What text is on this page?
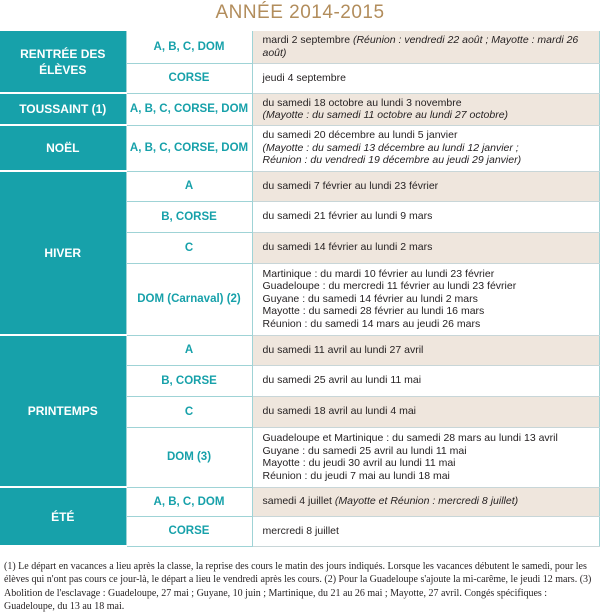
ANNÉE 2014-2015
RENTRÉE DES ÉLÈVES	A, B, C, DOM	mardi 2 septembre (Réunion : vendredi 22 août ; Mayotte : mardi 26 août)
	CORSE	jeudi 4 septembre
TOUSSAINT (1)	A, B, C, CORSE, DOM	du samedi 18 octobre au lundi 3 novembre
(Mayotte : du samedi 11 octobre au lundi 27 octobre)

NOËL	A, B, C, CORSE, DOM	du samedi 20 décembre au lundi 5 janvier
(Mayotte : du samedi 13 décembre au lundi 12 janvier ;
Réunion : du vendredi 19 décembre au jeudi 29 janvier)

HIVER	A	du samedi 7 février au lundi 23 février
	B, CORSE	du samedi 21 février au lundi 9 mars
	C	du samedi 14 février au lundi 2 mars
	DOM (Carnaval) (2)	Martinique : du mardi 10 février au lundi 23 février
Guadeloupe : du mercredi 11 février au lundi 23 février
Guyane : du samedi 14 février au lundi 2 mars
Mayotte : du samedi 28 février au lundi 16 mars
Réunion : du samedi 14 mars au jeudi 26 mars

PRINTEMPS	A	du samedi 11 avril au lundi 27 avril
	B, CORSE	du samedi 25 avril au lundi 11 mai
	C	du samedi 18 avril au lundi 4 mai
	DOM (3)	Guadeloupe et Martinique : du samedi 28 mars au lundi 13 avril
Guyane : du samedi 25 avril au lundi 11 mai
Mayotte : du jeudi 30 avril au lundi 11 mai
Réunion : du jeudi 7 mai au lundi 18 mai

ÉTÉ	A, B, C, DOM	samedi 4 juillet (Mayotte et Réunion : mercredi 8 juillet)
	CORSE	mercredi 8 juillet
(1) Le départ en vacances a lieu après la classe, la reprise des cours le matin des jours indiqués. Lorsque les vacances débutent le samedi, pour les élèves qui n'ont pas cours ce jour-là, le départ a lieu le vendredi après les cours. (2) Pour la Guadeloupe s'ajoute la mi-carême, le jeudi 12 mars. (3) Abolition de l'esclavage : Guadeloupe, 27 mai ; Guyane, 10 juin ; Martinique, du 21 au 26 mai ; Mayotte, 27 avril. Congés spécifiques : Guadeloupe, du 13 au 18 mai.
